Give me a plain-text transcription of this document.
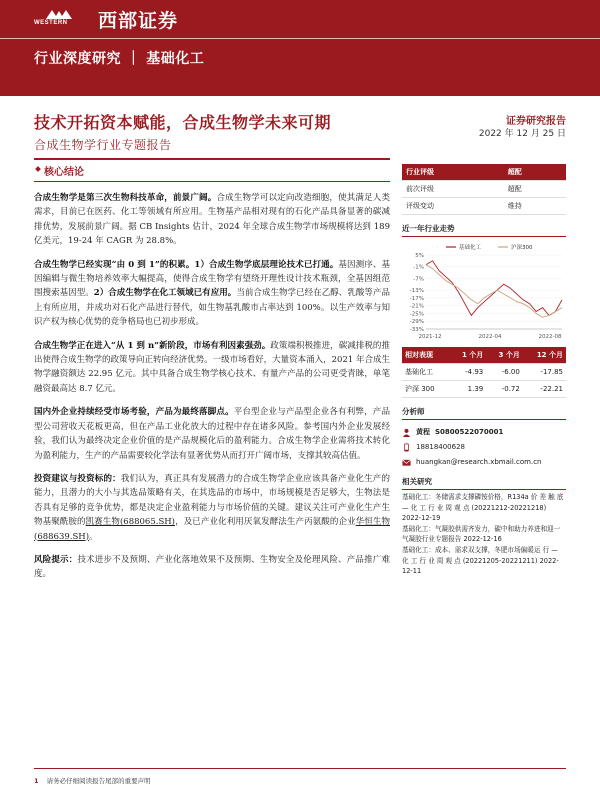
WESTERN 西部证券
行业深度研究 ｜ 基础化工
技术开拓资本赋能，合成生物学未来可期
合成生物学行业专题报告
证券研究报告
2022 年 12 月 25 日
核心结论

合成生物学是第三次生物科技革命，前景广阔。合成生物学可以定向改造细胞，使其满足人类需求，目前已在医药、化工等领域有所应用。生物基产品相对现有的石化产品具备显著的碳减排优势，发展前景广阔。据 CB Insights 估计，2024 年全球合成生物学市场规模将达到 189 亿美元，19-24 年 CAGR 为 28.8%。

合成生物学已经实现“由 0 到 1”的积累。1）合成生物学底层理论技术已打通。基因测序、基因编辑与微生物培养效率大幅提高，使得合成生物学有望绕开理性设计技术瓶颈，全基因组范围搜索基因型。2）合成生物学在化工领域已有应用。当前合成生物学已经在乙醇、乳酸等产品上有所应用，并成功对石化产品进行替代，如生物基乳酸市占率达到 100%。以生产效率与知识产权为核心优势的竞争格局也已初步形成。

合成生物学正在进入“从 1 到 n”新阶段，市场有利因素强劲。政策端积极推进，碳减排税的推出使得合成生物学的政策导向正转向经济优势。一级市场看好，大量资本涌入，2021 年合成生物学融资额达 22.95 亿元。其中具备合成生物学核心技术、有量产产品的公司更受青睐，单笔融资最高达 8.7 亿元。

国内外企业持续经受市场考验，产品为最终落脚点。平台型企业与产品型企业各有利弊，产品型公司营收天花板更高，但在产品工业化放大的过程中存在诸多风险。参考国内外企业发展经验，我们认为最终决定企业价值的是产品规模化后的盈利能力。合成生物学企业需将技术转化为盈利能力，生产的产品需要较化学法有显著优势从而打开广阔市场，支撑其较高估值。

投资建议与投资标的：我们认为，真正具有发展潜力的合成生物学企业应该具备产业化生产的能力，且潜力的大小与其选品策略有关，在其选品的市场中，市场规模是否足够大，生物法是否具有足够的竞争优势，都是决定企业盈利能力与市场价值的关键。建议关注可产业化生产生物基聚酰胺的凯赛生物(688065.SH)，及已产业化利用厌氧发酵法生产丙氨酸的企业华恒生物(688639.SH)。

风险提示：技术进步不及预期、产业化落地效果不及预期、生物安全及伦理风险、产品推广难度。

行业评级	超配
前次评级	超配
评级变动	维持
近一年行业走势
5%
-1%
-7%
-13%
-17%
-21%
-25%
-29%
-33%
2021-12	2022-04	2022-08
基础化工	沪深300
相对表现	1 个月	3 个月	12 个月
基础化工	-4.93	-6.00	-17.85
沪深 300	1.39	-0.72	-22.21
分析师
黄程 S0800522070001
18818400628
huangkan@research.xbmail.com.cn
相关研究
基础化工：冬储需求支撑磷铵价格，R134a 价 差 触 底 — 化 工 行 业 周 观 点 (20221212-20221218) 2022-12-19
基础化工：气凝胶供需齐发力，碳中和助力养进和迎一气凝胶行业专题报告 2022-12-16
基础化工：成本、需求双支撑，冬肥市场偏暖运 行 — 化 工 行 业 周 观 点 (20221205-20221211) 2022-12-11
1 请务必仔细阅读报告尾部的重要声明
